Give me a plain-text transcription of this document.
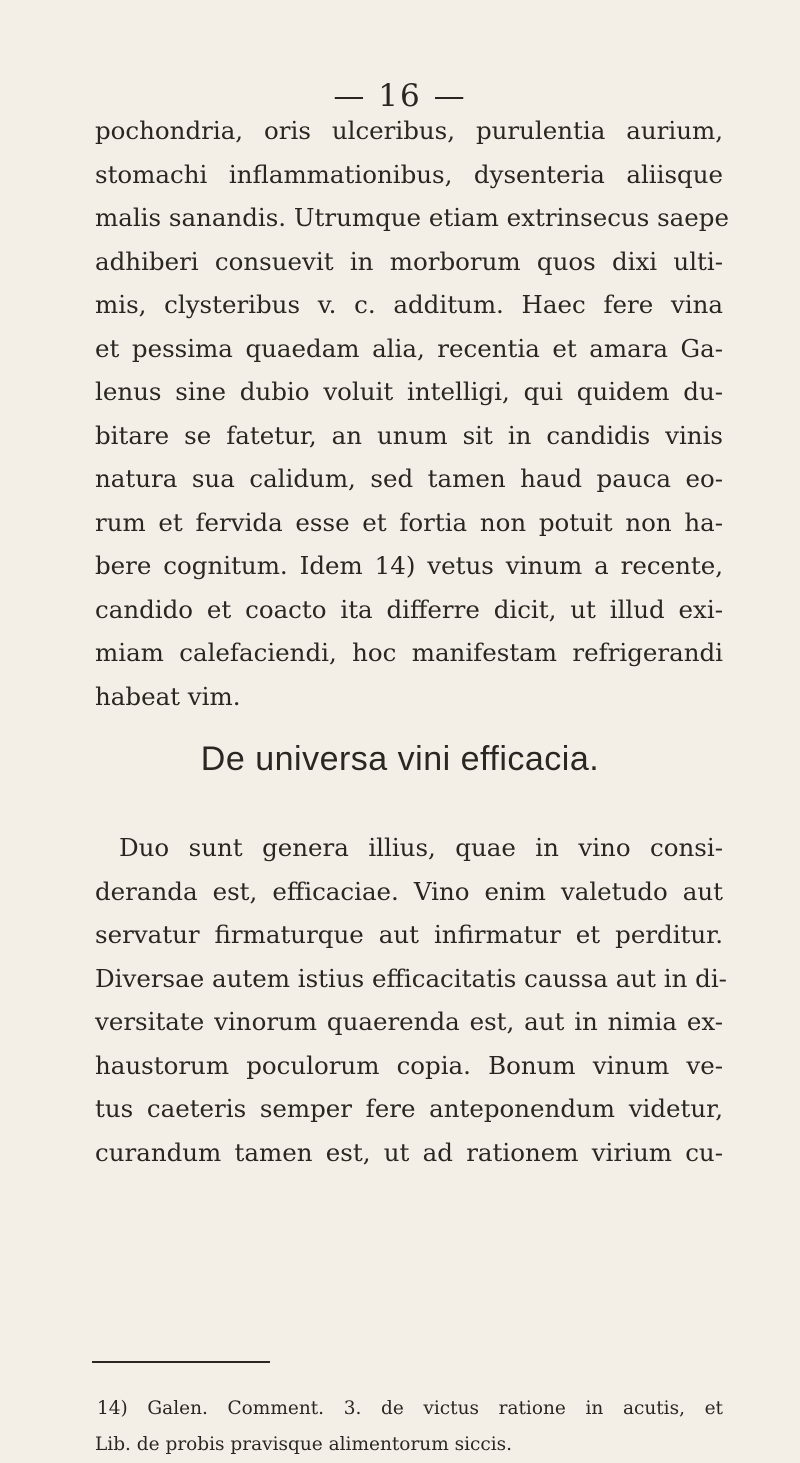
— 16 —
pochondria, oris ulceribus, purulentia aurium,
stomachi inflammationibus, dysenteria aliisque
malis sanandis. Utrumque etiam extrinsecus saepe
adhiberi consuevit in morborum quos dixi ulti-
mis, clysteribus v. c. additum. Haec fere vina
et pessima quaedam alia, recentia et amara Ga-
lenus sine dubio voluit intelligi, qui quidem du-
bitare se fatetur, an unum sit in candidis vinis
natura sua calidum, sed tamen haud pauca eo-
rum et fervida esse et fortia non potuit non ha-
bere cognitum. Idem 14) vetus vinum a recente,
candido et coacto ita differre dicit, ut illud exi-
miam calefaciendi, hoc manifestam refrigerandi
habeat vim.
De universa vini efficacia.
Duo sunt genera illius, quae in vino consi-
deranda est, efficaciae. Vino enim valetudo aut
servatur firmaturque aut infirmatur et perditur.
Diversae autem istius efficacitatis caussa aut in di-
versitate vinorum quaerenda est, aut in nimia ex-
haustorum poculorum copia. Bonum vinum ve-
tus caeteris semper fere anteponendum videtur,
curandum tamen est, ut ad rationem virium cu-
14) Galen. Comment. 3. de victus ratione in acutis, et
Lib. de probis pravisque alimentorum siccis.
